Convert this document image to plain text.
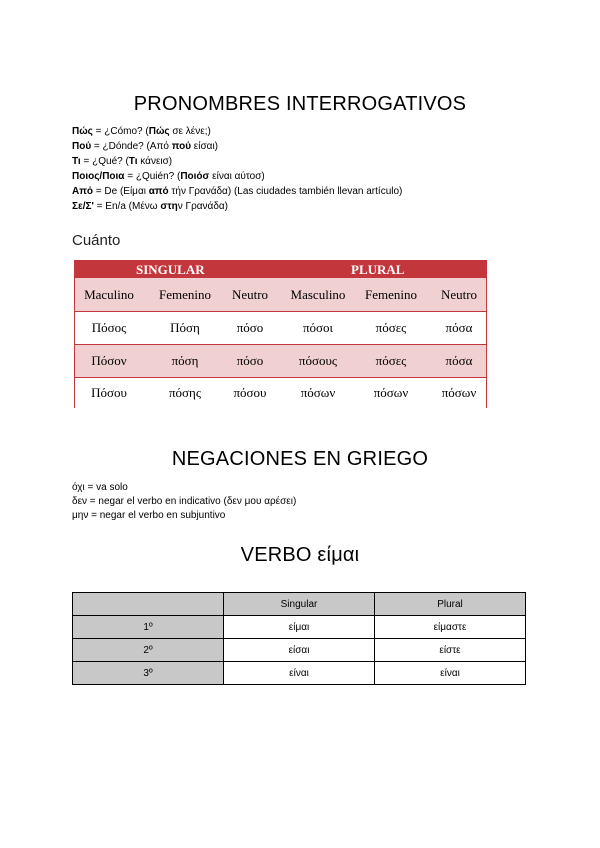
PRONOMBRES INTERROGATIVOS
Πώς = ¿Cómo? (Πώς σε λένε;)
Πού = ¿Dónde? (Από πού είσαι)
Τι = ¿Qué? (Τι κάνεισ)
Ποιος/Ποια = ¿Quién? (Ποιόσ είναι αύτοσ)
Από = De (Είμαι από τήν Γρανάδα) (Las ciudades también llevan artículo)
Σε/Σ' = En/a (Μένω στην Γρανάδα)
Cuánto
SINGULAR	PLURAL
Maculino	Femenino	Neutro	Masculino	Femenino	Neutro
Πόσος	Πόση	πόσο	πόσοι	πόσες	πόσα
Πόσον	πόση	πόσο	πόσους	πόσες	πόσα
Πόσου	πόσης	πόσου	πόσων	πόσων	πόσων
NEGACIONES EN GRIEGO
όχι = va solo
δεν = negar el verbo en indicativo (δεν μου αρέσει)
μην = negar el verbo en subjuntivo
VERBO είμαι
	Singular	Plural
1º	είμαι	είμαστε
2º	είσαι	είστε
3º	είναι	είναι
